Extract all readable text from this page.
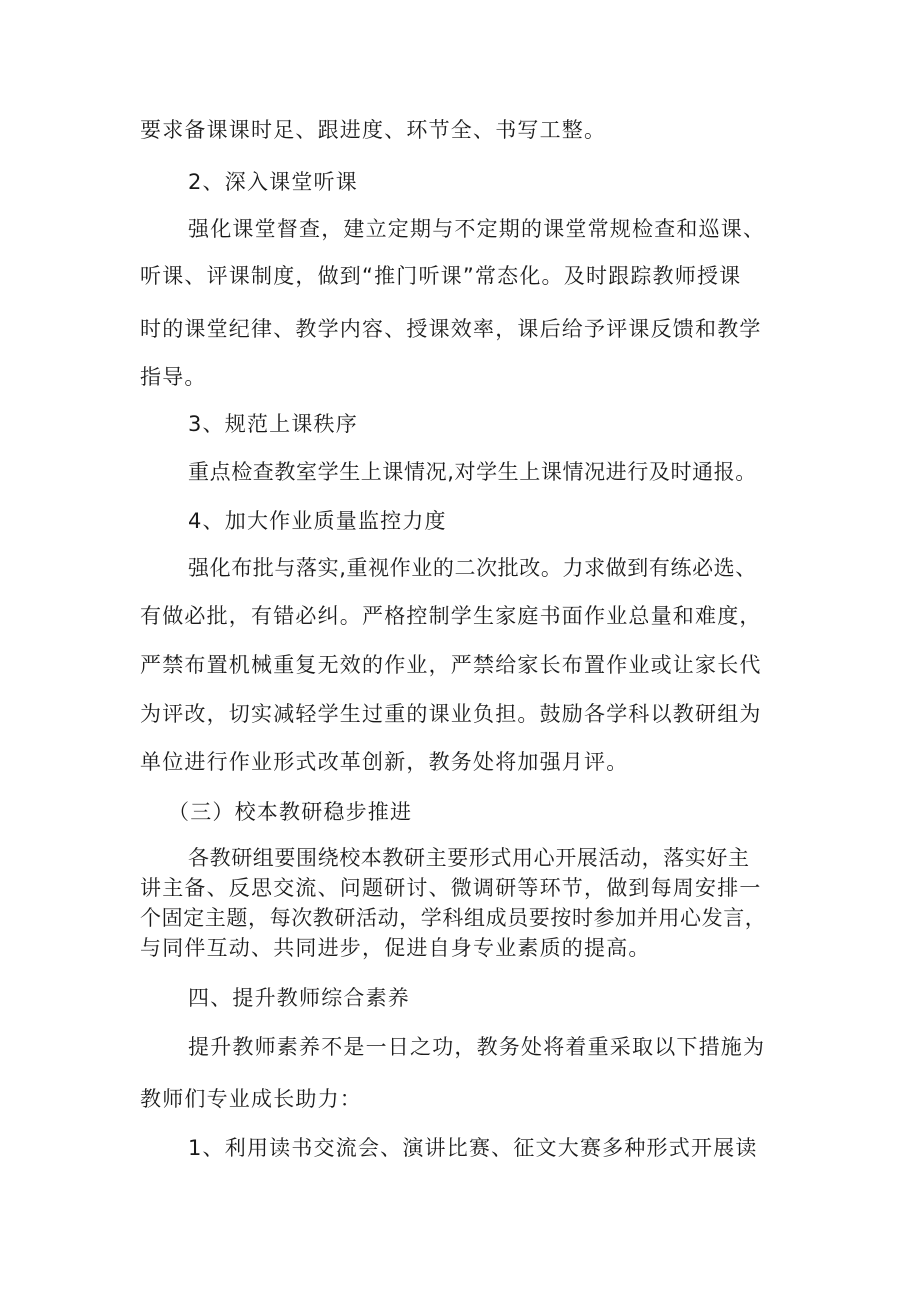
要求备课课时足、跟进度、环节全、书写工整。
2、深入课堂听课
强化课堂督查，建立定期与不定期的课堂常规检查和巡课、
听课、评课制度，做到“推门听课”常态化。及时跟踪教师授课
时的课堂纪律、教学内容、授课效率，课后给予评课反馈和教学
指导。
3、规范上课秩序
重点检查教室学生上课情况,对学生上课情况进行及时通报。
4、加大作业质量监控力度
强化布批与落实,重视作业的二次批改。力求做到有练必选、
有做必批，有错必纠。严格控制学生家庭书面作业总量和难度，
严禁布置机械重复无效的作业，严禁给家长布置作业或让家长代
为评改，切实减轻学生过重的课业负担。鼓励各学科以教研组为
单位进行作业形式改革创新，教务处将加强月评。
（三）校本教研稳步推进
各教研组要围绕校本教研主要形式用心开展活动，落实好主
讲主备、反思交流、问题研讨、微调研等环节，做到每周安排一
个固定主题，每次教研活动，学科组成员要按时参加并用心发言，
与同伴互动、共同进步，促进自身专业素质的提高。
四、提升教师综合素养
提升教师素养不是一日之功，教务处将着重采取以下措施为
教师们专业成长助力：
1、利用读书交流会、演讲比赛、征文大赛多种形式开展读
